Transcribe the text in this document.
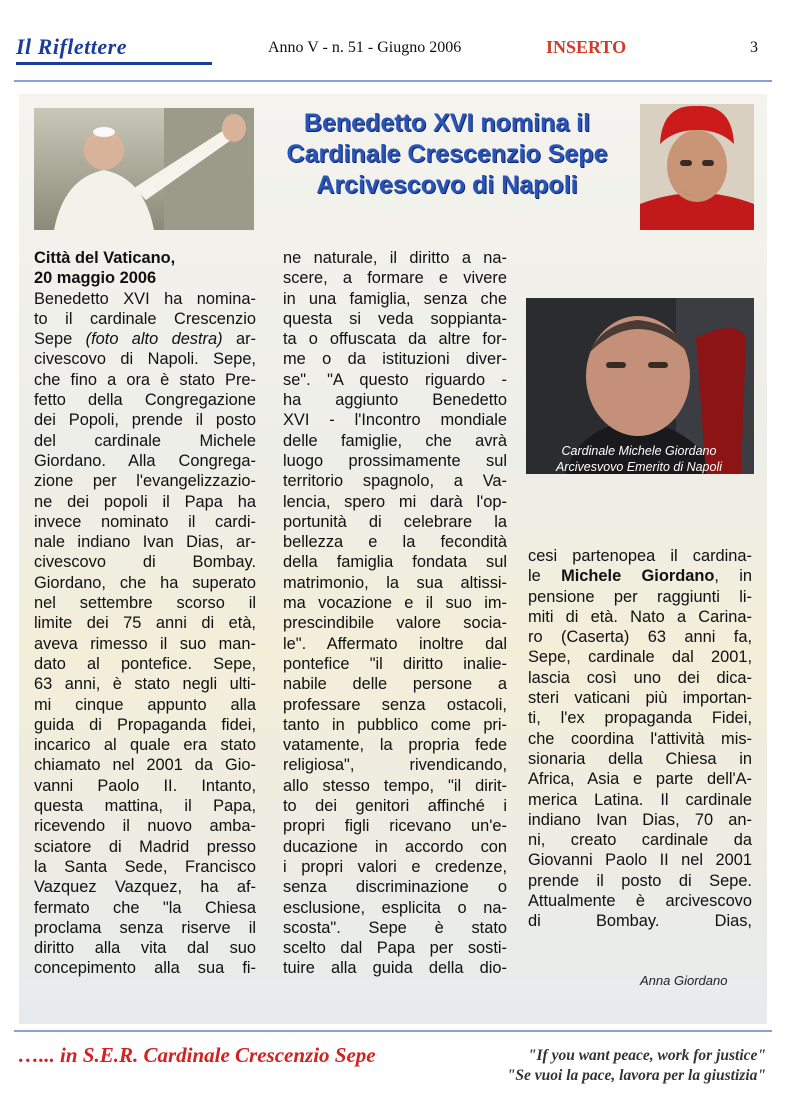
Il Riflettere	Anno V - n. 51 - Giugno 2006	INSERTO	3
Benedetto XVI nomina il
Cardinale Crescenzio Sepe
Arcivescovo di Napoli
Città del Vaticano,
20 maggio 2006
Benedetto XVI ha nomina-
to il cardinale Crescenzio
Sepe (foto alto destra) ar-
civescovo di Napoli. Sepe,
che fino a ora è stato Pre-
fetto della Congregazione
dei Popoli, prende il posto
del cardinale Michele
Giordano. Alla Congrega-
zione per l'evangelizzazio-
ne dei popoli il Papa ha
invece nominato il cardi-
nale indiano Ivan Dias, ar-
civescovo di Bombay.
Giordano, che ha superato
nel settembre scorso il
limite dei 75 anni di età,
aveva rimesso il suo man-
dato al pontefice. Sepe,
63 anni, è stato negli ulti-
mi cinque appunto alla
guida di Propaganda fidei,
incarico al quale era stato
chiamato nel 2001 da Gio-
vanni Paolo II. Intanto,
questa mattina, il Papa,
ricevendo il nuovo amba-
sciatore di Madrid presso
la Santa Sede, Francisco
Vazquez Vazquez, ha af-
fermato che "la Chiesa
proclama senza riserve il
diritto alla vita dal suo
concepimento alla sua fi-
ne naturale, il diritto a na-
scere, a formare e vivere
in una famiglia, senza che
questa si veda soppianta-
ta o offuscata da altre for-
me o da istituzioni diver-
se". "A questo riguardo -
ha aggiunto Benedetto
XVI - l'Incontro mondiale
delle famiglie, che avrà
luogo prossimamente sul
territorio spagnolo, a Va-
lencia, spero mi darà l'op-
portunità di celebrare la
bellezza e la fecondità
della famiglia fondata sul
matrimonio, la sua altissi-
ma vocazione e il suo im-
prescindibile valore socia-
le". Affermato inoltre dal
pontefice "il diritto inalie-
nabile delle persone a
professare senza ostacoli,
tanto in pubblico come pri-
vatamente, la propria fede
religiosa", rivendicando,
allo stesso tempo, "il dirit-
to dei genitori affinché i
propri figli ricevano un'e-
ducazione in accordo con
i propri valori e credenze,
senza discriminazione o
esclusione, esplicita o na-
scosta". Sepe è stato
scelto dal Papa per sosti-
tuire alla guida della dio-
Cardinale Michele Giordano
Arcivesvovo Emerito di Napoli
cesi partenopea il cardina-
le Michele Giordano, in
pensione per raggiunti li-
miti di età. Nato a Carina-
ro (Caserta) 63 anni fa,
Sepe, cardinale dal 2001,
lascia così uno dei dica-
steri vaticani più importan-
ti, l'ex propaganda Fidei,
che coordina l'attività mis-
sionaria della Chiesa in
Africa, Asia e parte dell'A-
merica Latina. Il cardinale
indiano Ivan Dias, 70 an-
ni, creato cardinale da
Giovanni Paolo II nel 2001
prende il posto di Sepe.
Attualmente è arcivescovo
di Bombay. Dias,
Anna Giordano
…... in S.E.R. Cardinale Crescenzio Sepe	"If you want peace, work for justice"
"Se vuoi la pace, lavora per la giustizia"
